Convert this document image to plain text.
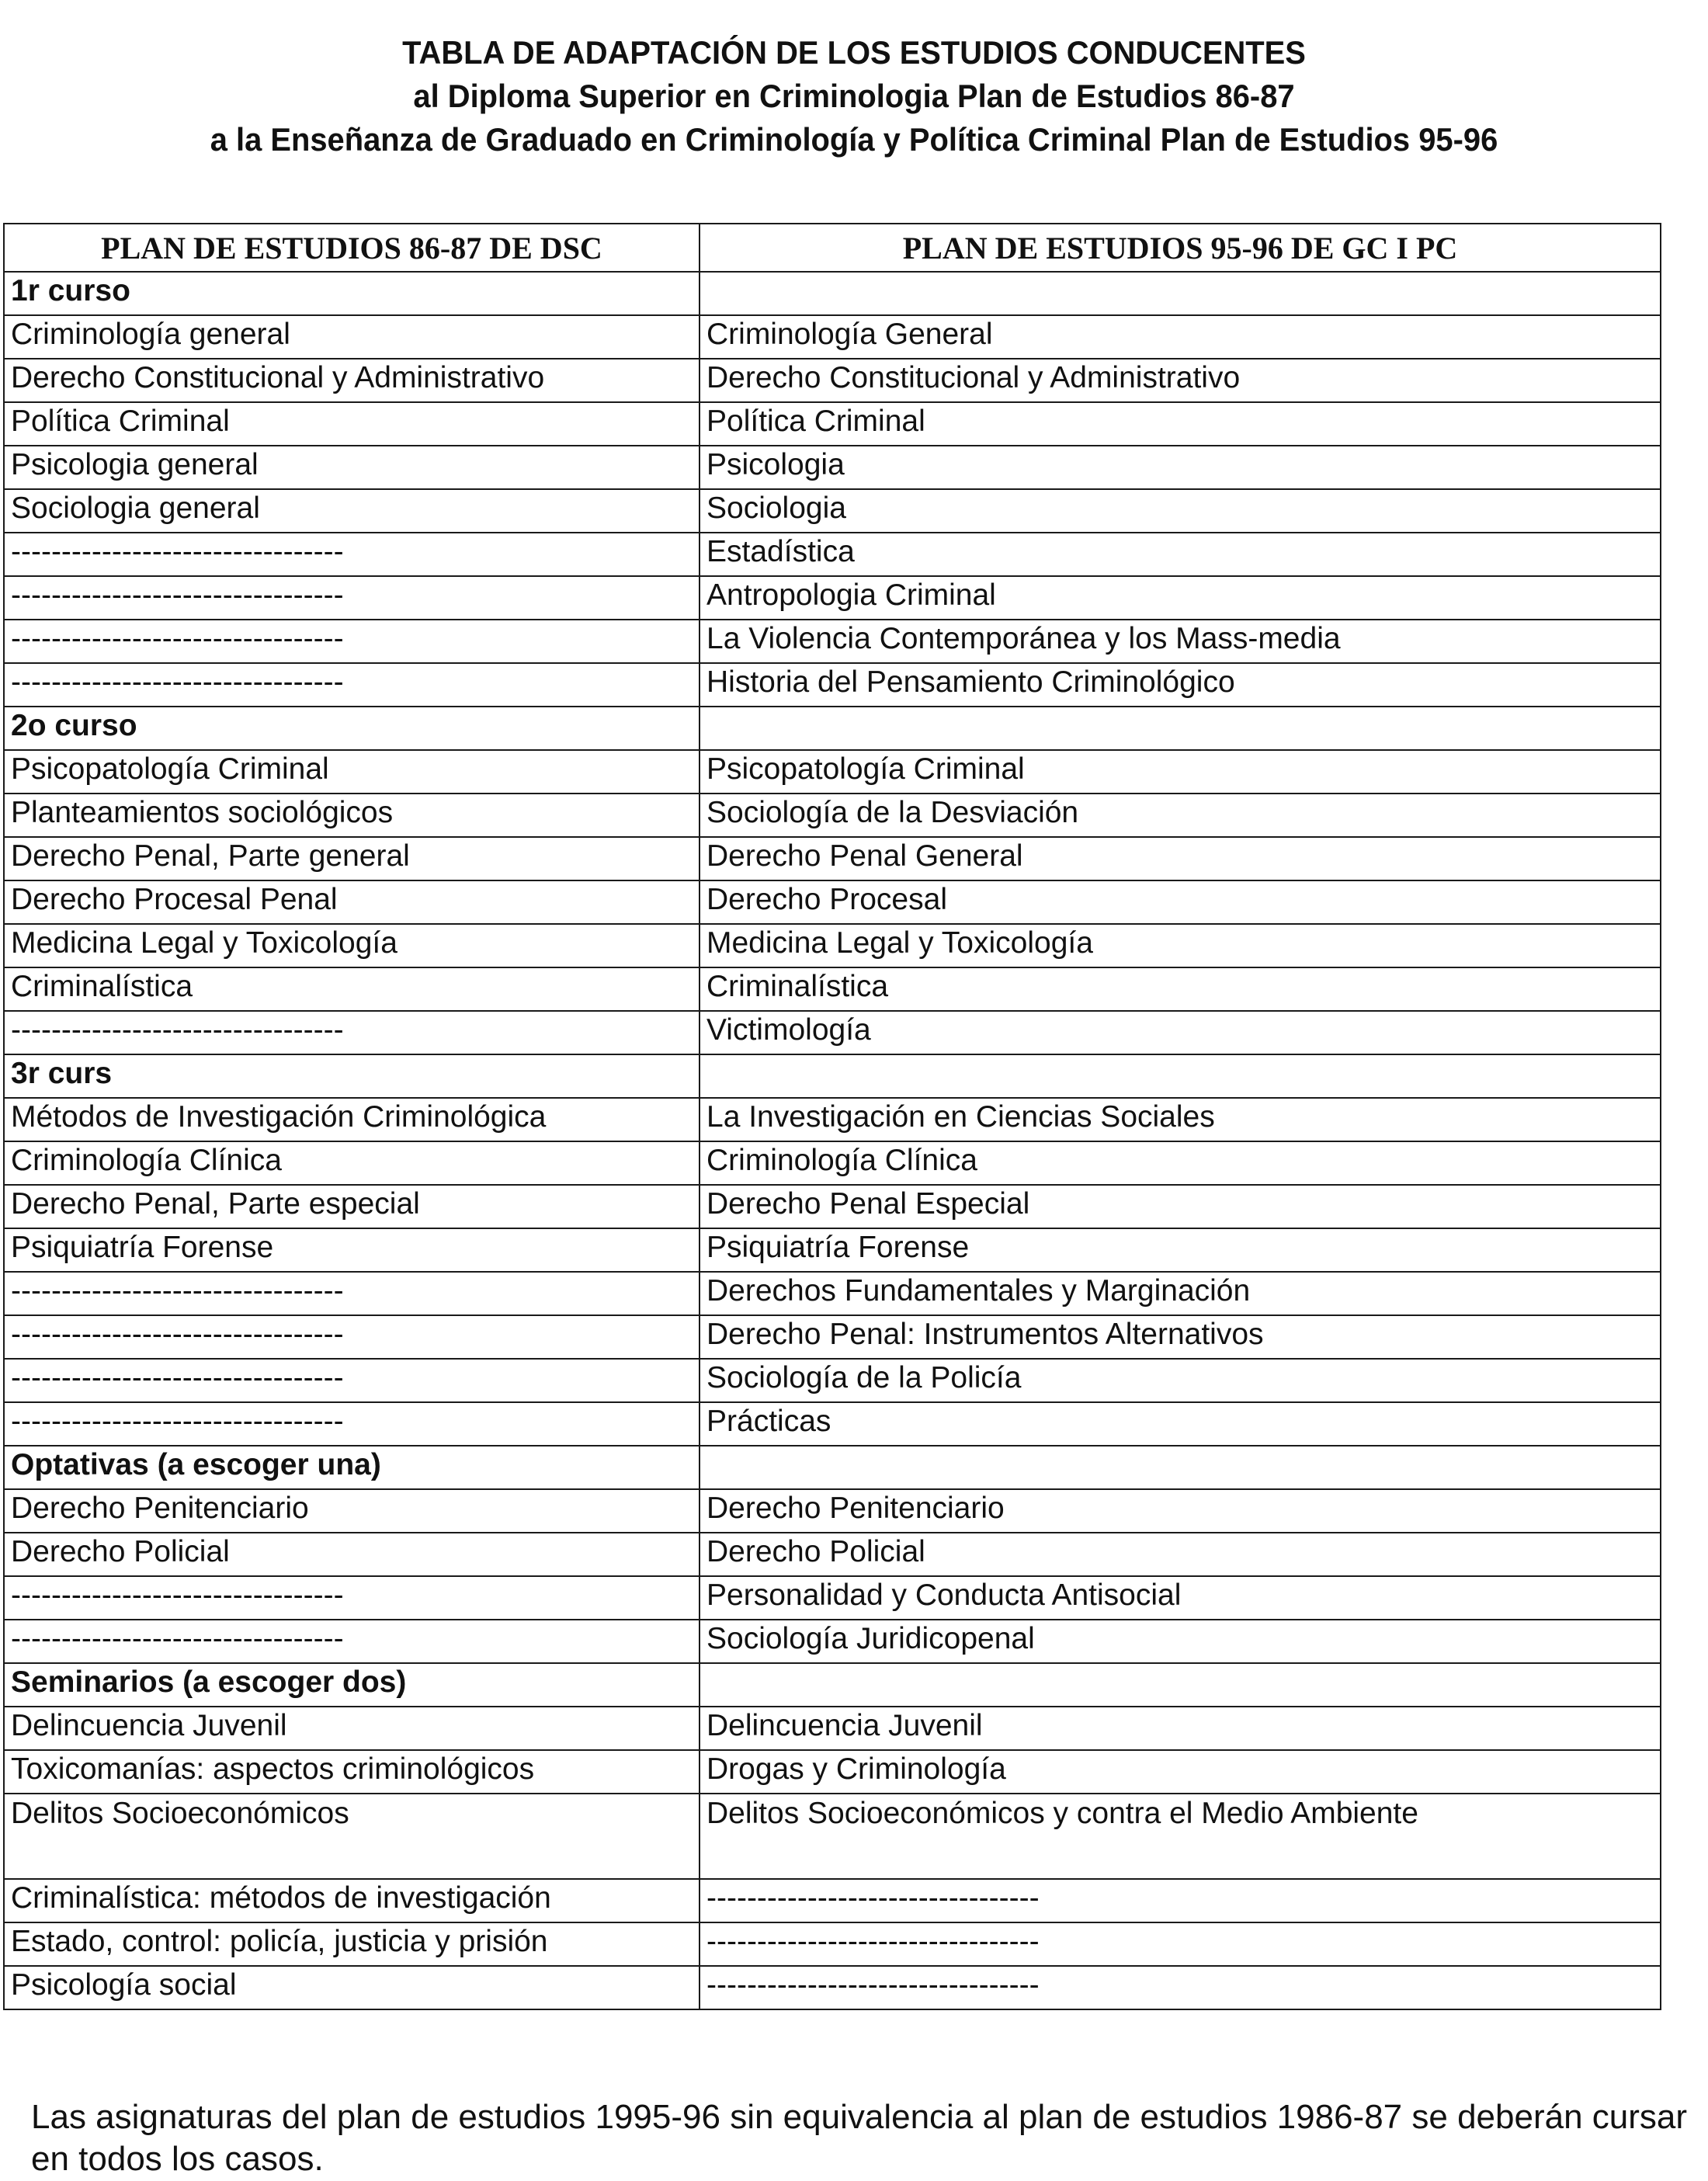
TABLA DE ADAPTACIÓN DE LOS ESTUDIOS CONDUCENTES
al Diploma Superior en Criminologia Plan de Estudios 86-87
a la Enseñanza de Graduado en Criminología y Política Criminal Plan de Estudios 95-96
PLAN DE ESTUDIOS 86-87 DE DSC	PLAN DE ESTUDIOS 95-96 DE GC I PC
1r curso	
Criminología general	Criminología General
Derecho Constitucional y Administrativo	Derecho Constitucional y Administrativo
Política Criminal	Política Criminal
Psicologia general	Psicologia
Sociologia general	Sociologia
---------------------------------	Estadística
---------------------------------	Antropologia Criminal
---------------------------------	La Violencia Contemporánea y los Mass-media
---------------------------------	Historia del Pensamiento Criminológico
2o curso	
Psicopatología Criminal	Psicopatología Criminal
Planteamientos sociológicos	Sociología de la Desviación
Derecho Penal, Parte general	Derecho Penal General
Derecho Procesal Penal	Derecho Procesal
Medicina Legal y Toxicología	Medicina Legal y Toxicología
Criminalística	Criminalística
---------------------------------	Victimología
3r curs	
Métodos de Investigación Criminológica	La Investigación en Ciencias Sociales
Criminología Clínica	Criminología Clínica
Derecho Penal, Parte especial	Derecho Penal Especial
Psiquiatría Forense	Psiquiatría Forense
---------------------------------	Derechos Fundamentales y Marginación
---------------------------------	Derecho Penal: Instrumentos Alternativos
---------------------------------	Sociología de la Policía
---------------------------------	Prácticas
Optativas (a escoger una)	
Derecho Penitenciario	Derecho Penitenciario
Derecho Policial	Derecho Policial
---------------------------------	Personalidad y Conducta Antisocial
---------------------------------	Sociología Juridicopenal
Seminarios (a escoger dos)	
Delincuencia Juvenil	Delincuencia Juvenil
Toxicomanías: aspectos criminológicos	Drogas y Criminología
Delitos Socioeconómicos	Delitos Socioeconómicos y contra el Medio Ambiente
Criminalística: métodos de investigación	---------------------------------
Estado, control: policía, justicia y prisión	---------------------------------
Psicología social	---------------------------------
Las asignaturas del plan de estudios 1995-96 sin equivalencia al plan de estudios 1986-87 se deberán cursar en todos los casos.
